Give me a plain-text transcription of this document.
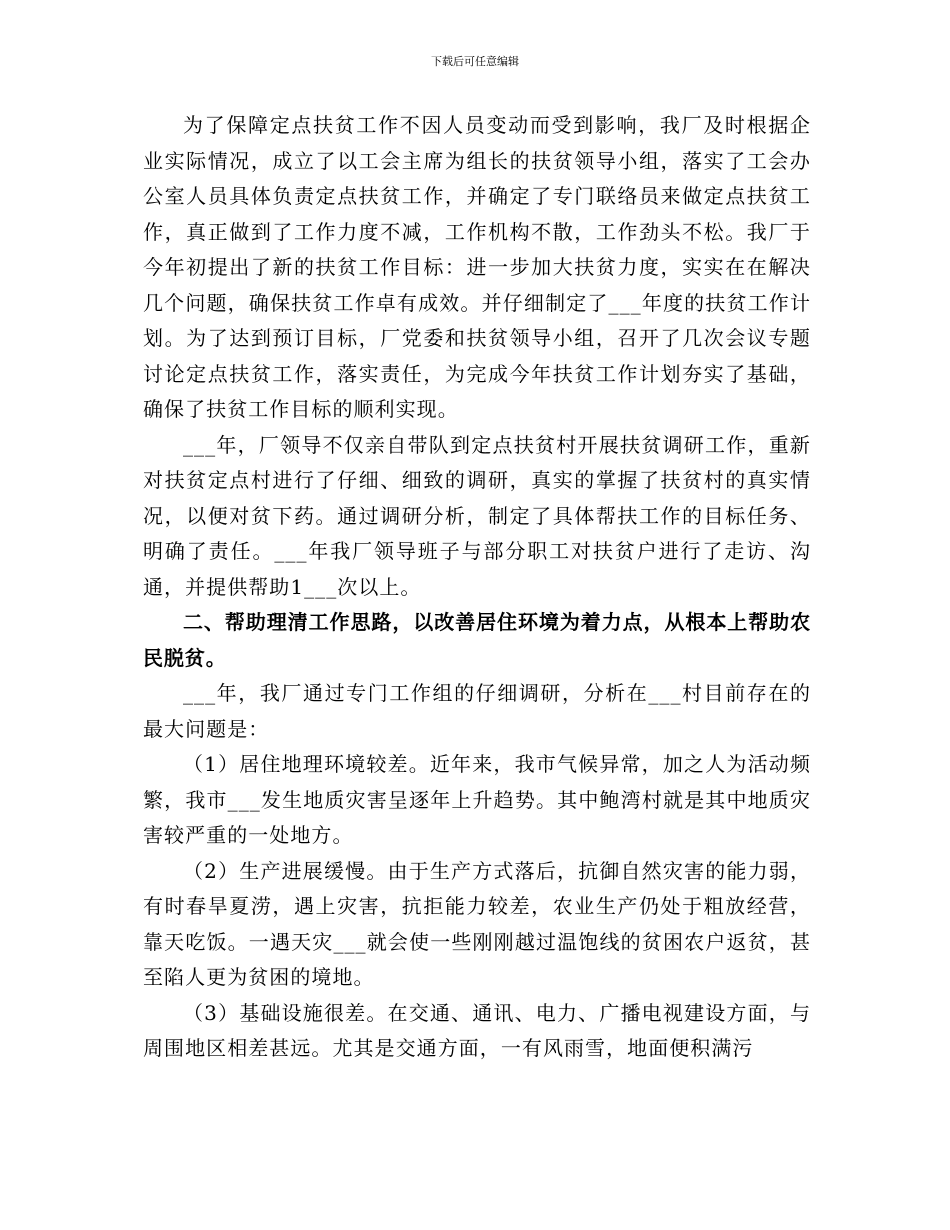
下载后可任意编辑

为了保障定点扶贫工作不因人员变动而受到影响，我厂及时根据企业实际情况，成立了以工会主席为组长的扶贫领导小组，落实了工会办公室人员具体负责定点扶贫工作，并确定了专门联络员来做定点扶贫工作，真正做到了工作力度不减，工作机构不散，工作劲头不松。我厂于今年初提出了新的扶贫工作目标：进一步加大扶贫力度，实实在在解决几个问题，确保扶贫工作卓有成效。并仔细制定了___年度的扶贫工作计划。为了达到预订目标，厂党委和扶贫领导小组，召开了几次会议专题讨论定点扶贫工作，落实责任，为完成今年扶贫工作计划夯实了基础，确保了扶贫工作目标的顺利实现。

___年，厂领导不仅亲自带队到定点扶贫村开展扶贫调研工作，重新对扶贫定点村进行了仔细、细致的调研，真实的掌握了扶贫村的真实情况，以便对贫下药。通过调研分析，制定了具体帮扶工作的目标任务、明确了责任。___年我厂领导班子与部分职工对扶贫户进行了走访、沟通，并提供帮助1___次以上。

二、帮助理清工作思路，以改善居住环境为着力点，从根本上帮助农民脱贫。

___年，我厂通过专门工作组的仔细调研，分析在___村目前存在的最大问题是：

（1）居住地理环境较差。近年来，我市气候异常，加之人为活动频繁，我市___发生地质灾害呈逐年上升趋势。其中鲍湾村就是其中地质灾害较严重的一处地方。

（2）生产进展缓慢。由于生产方式落后，抗御自然灾害的能力弱，有时春旱夏涝，遇上灾害，抗拒能力较差，农业生产仍处于粗放经营，靠天吃饭。一遇天灾___就会使一些刚刚越过温饱线的贫困农户返贫，甚至陷人更为贫困的境地。

（3）基础设施很差。在交通、通讯、电力、广播电视建设方面，与周围地区相差甚远。尤其是交通方面，一有风雨雪，地面便积满污
